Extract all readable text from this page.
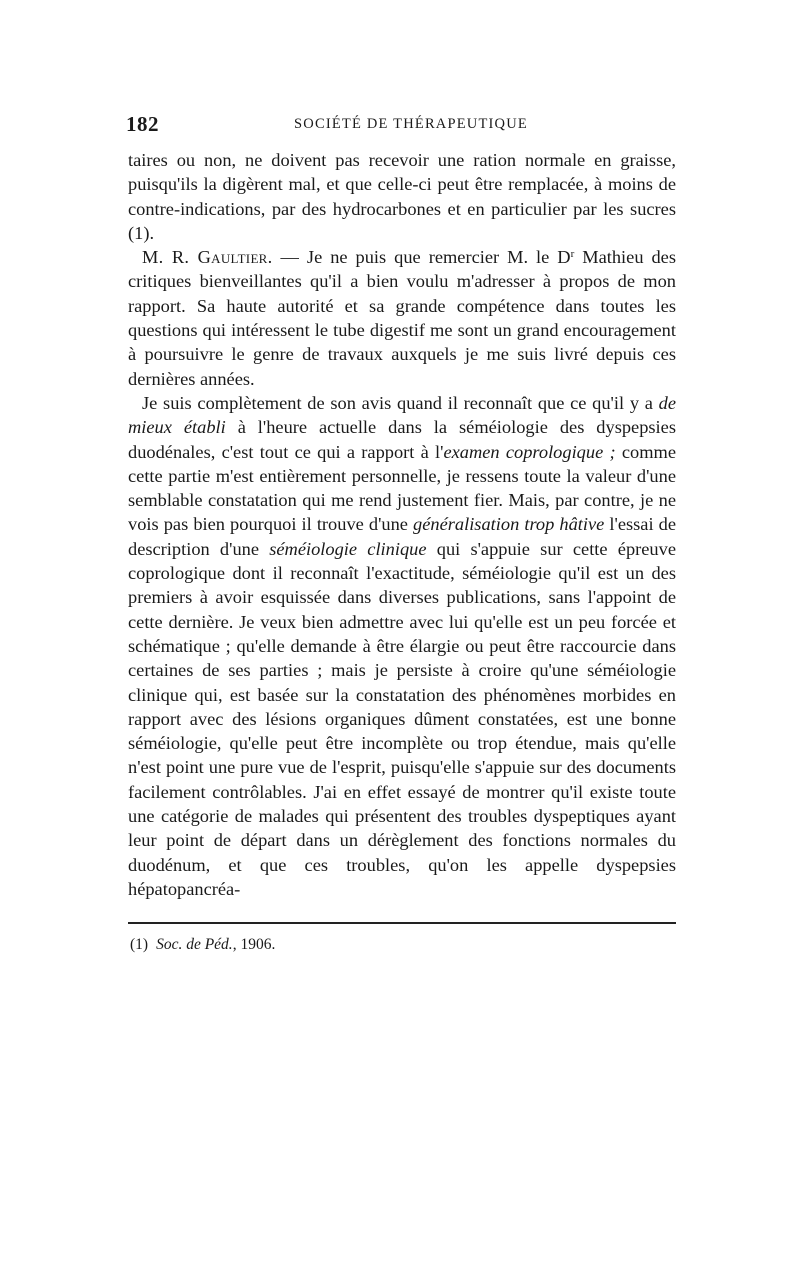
182	SOCIÉTÉ DE THÉRAPEUTIQUE

taires ou non, ne doivent pas recevoir une ration normale en graisse, puisqu'ils la digèrent mal, et que celle-ci peut être remplacée, à moins de contre-indications, par des hydrocarbones et en particulier par les sucres (1).

M. R. Gaultier. — Je ne puis que remercier M. le $D^r$ Mathieu des critiques bienveillantes qu'il a bien voulu m'adresser à propos de mon rapport. Sa haute autorité et sa grande compétence dans toutes les questions qui intéressent le tube digestif me sont un grand encouragement à poursuivre le genre de travaux auxquels je me suis livré depuis ces dernières années.

Je suis complètement de son avis quand il reconnaît que ce qu'il y a de mieux établi à l'heure actuelle dans la séméiologie des dyspepsies duodénales, c'est tout ce qui a rapport à l'examen coprologique ; comme cette partie m'est entièrement personnelle, je ressens toute la valeur d'une semblable constatation qui me rend justement fier. Mais, par contre, je ne vois pas bien pourquoi il trouve d'une généralisation trop hâtive l'essai de description d'une séméiologie clinique qui s'appuie sur cette épreuve coprologique dont il reconnaît l'exactitude, séméiologie qu'il est un des premiers à avoir esquissée dans diverses publications, sans l'appoint de cette dernière. Je veux bien admettre avec lui qu'elle est un peu forcée et schématique ; qu'elle demande à être élargie ou peut être raccourcie dans certaines de ses parties ; mais je persiste à croire qu'une séméiologie clinique qui, est basée sur la constatation des phénomènes morbides en rapport avec des lésions organiques dûment constatées, est une bonne séméiologie, qu'elle peut être incomplète ou trop étendue, mais qu'elle n'est point une pure vue de l'esprit, puisqu'elle s'appuie sur des documents facilement contrôlables. J'ai en effet essayé de montrer qu'il existe toute une catégorie de malades qui présentent des troubles dyspeptiques ayant leur point de départ dans un dérèglement des fonctions normales du duodénum, et que ces troubles, qu'on les appelle dyspepsies hépatopancréa-

(1) Soc. de Péd., 1906.
